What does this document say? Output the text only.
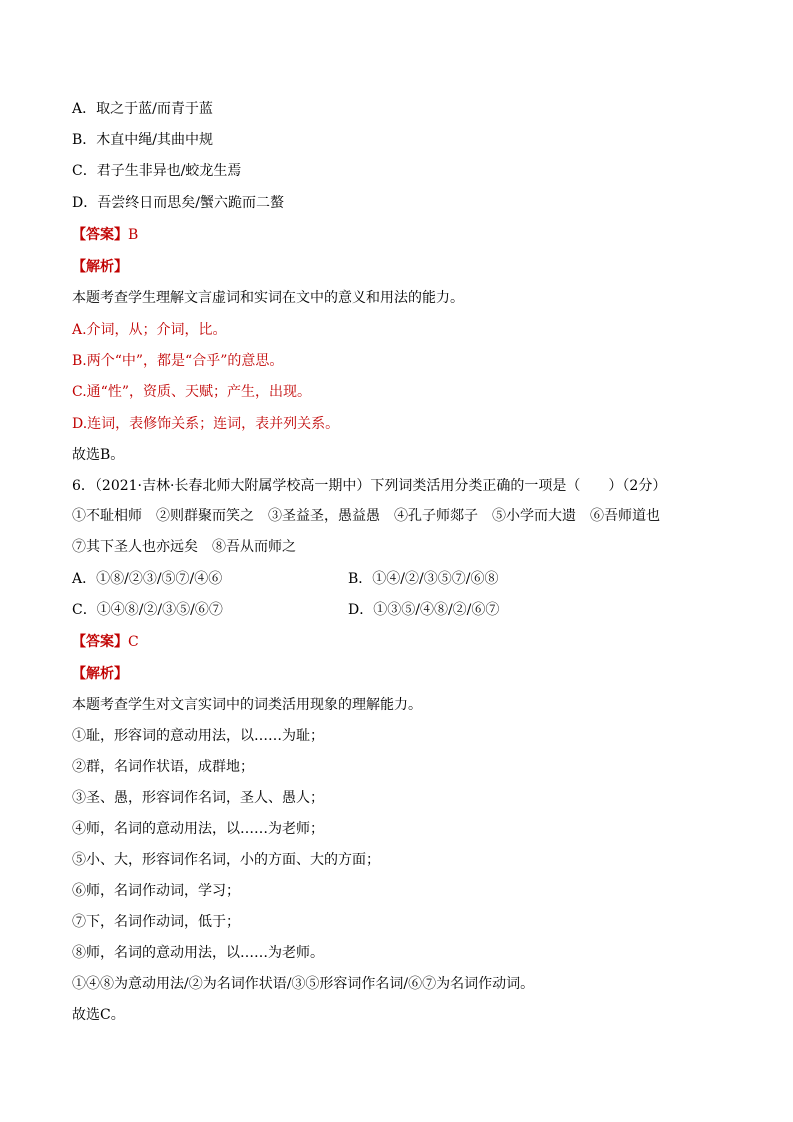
A．取之于蓝/而青于蓝
B．木直中绳/其曲中规
C．君子生非异也/蛟龙生焉
D．吾尝终日而思矣/蟹六跪而二螯
【答案】B
【解析】
本题考查学生理解文言虚词和实词在文中的意义和用法的能力。
A.介词，从；介词，比。
B.两个“中”，都是“合乎”的意思。
C.通“性”，资质、天赋；产生，出现。
D.连词，表修饰关系；连词，表并列关系。
故选B。
6．（2021·吉林·长春北师大附属学校高一期中）下列词类活用分类正确的一项是（　　）（2分）
①不耻相师　②则群聚而笑之　③圣益圣，愚益愚　④孔子师郯子　⑤小学而大遗　⑥吾师道也
⑦其下圣人也亦远矣　⑧吾从而师之
A．①⑧/②③/⑤⑦/④⑥	B．①④/②/③⑤⑦/⑥⑧
C．①④⑧/②/③⑤/⑥⑦	D．①③⑤/④⑧/②/⑥⑦
【答案】C
【解析】
本题考查学生对文言实词中的词类活用现象的理解能力。
①耻，形容词的意动用法，以……为耻；
②群，名词作状语，成群地；
③圣、愚，形容词作名词，圣人、愚人；
④师，名词的意动用法，以……为老师；
⑤小、大，形容词作名词，小的方面、大的方面；
⑥师，名词作动词，学习；
⑦下，名词作动词，低于；
⑧师，名词的意动用法，以……为老师。
①④⑧为意动用法/②为名词作状语/③⑤形容词作名词/⑥⑦为名词作动词。
故选C。
